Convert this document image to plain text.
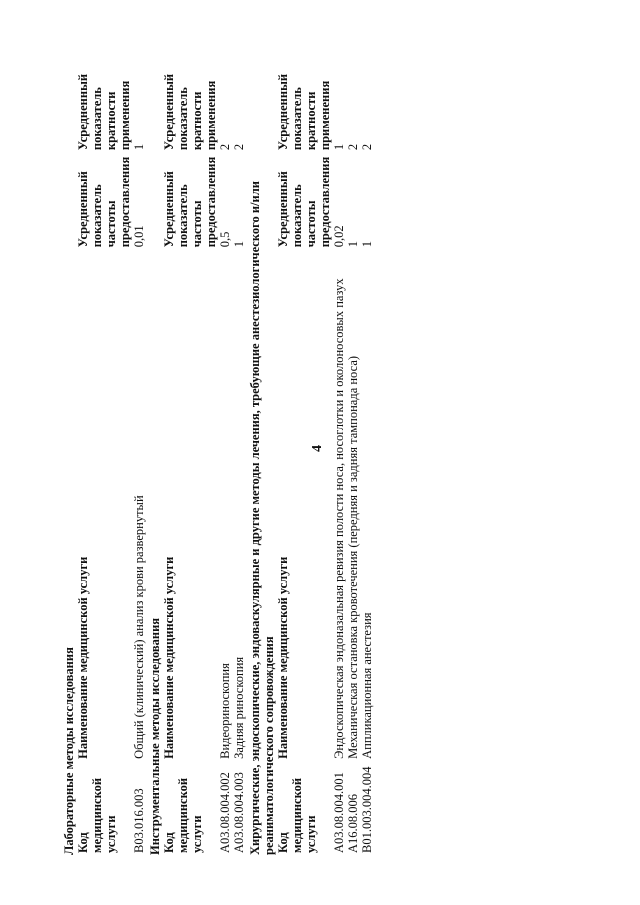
4
Лабораторные методы исследования Код медицинской услуги	Наименование медицинской услуги	Усредненный показатель частоты предоставления	Усредненный показатель кратности применения
B03.016.003	Общий (клинический) анализ крови развернутый	0,01	1
Инструментальные методы исследования Код медицинской услуги	Наименование медицинской услуги	Усредненный показатель частоты предоставления	Усредненный показатель кратности применения
A03.08.004.002	Видеориноскопия	0,5	2
A03.08.004.003	Задняя риноскопия	1	2
Хирургические, эндоскопические, эндоваскулярные и другие методы лечения, требующие анестезиологического и/или реаниматологического сопровождения Код медицинской услуги	Наименование медицинской услуги	Усредненный показатель частоты предоставления	Усредненный показатель кратности применения
A03.08.004.001	Эндоскопическая эндоназальная ревизия полости носа, носоглотки и околоносовых пазух	0,02	1
A16.08.006	Механическая остановка кровотечения (передняя и задняя тампонада носа)	1	2
B01.003.004.004	Аппликационная анестезия	1	2
